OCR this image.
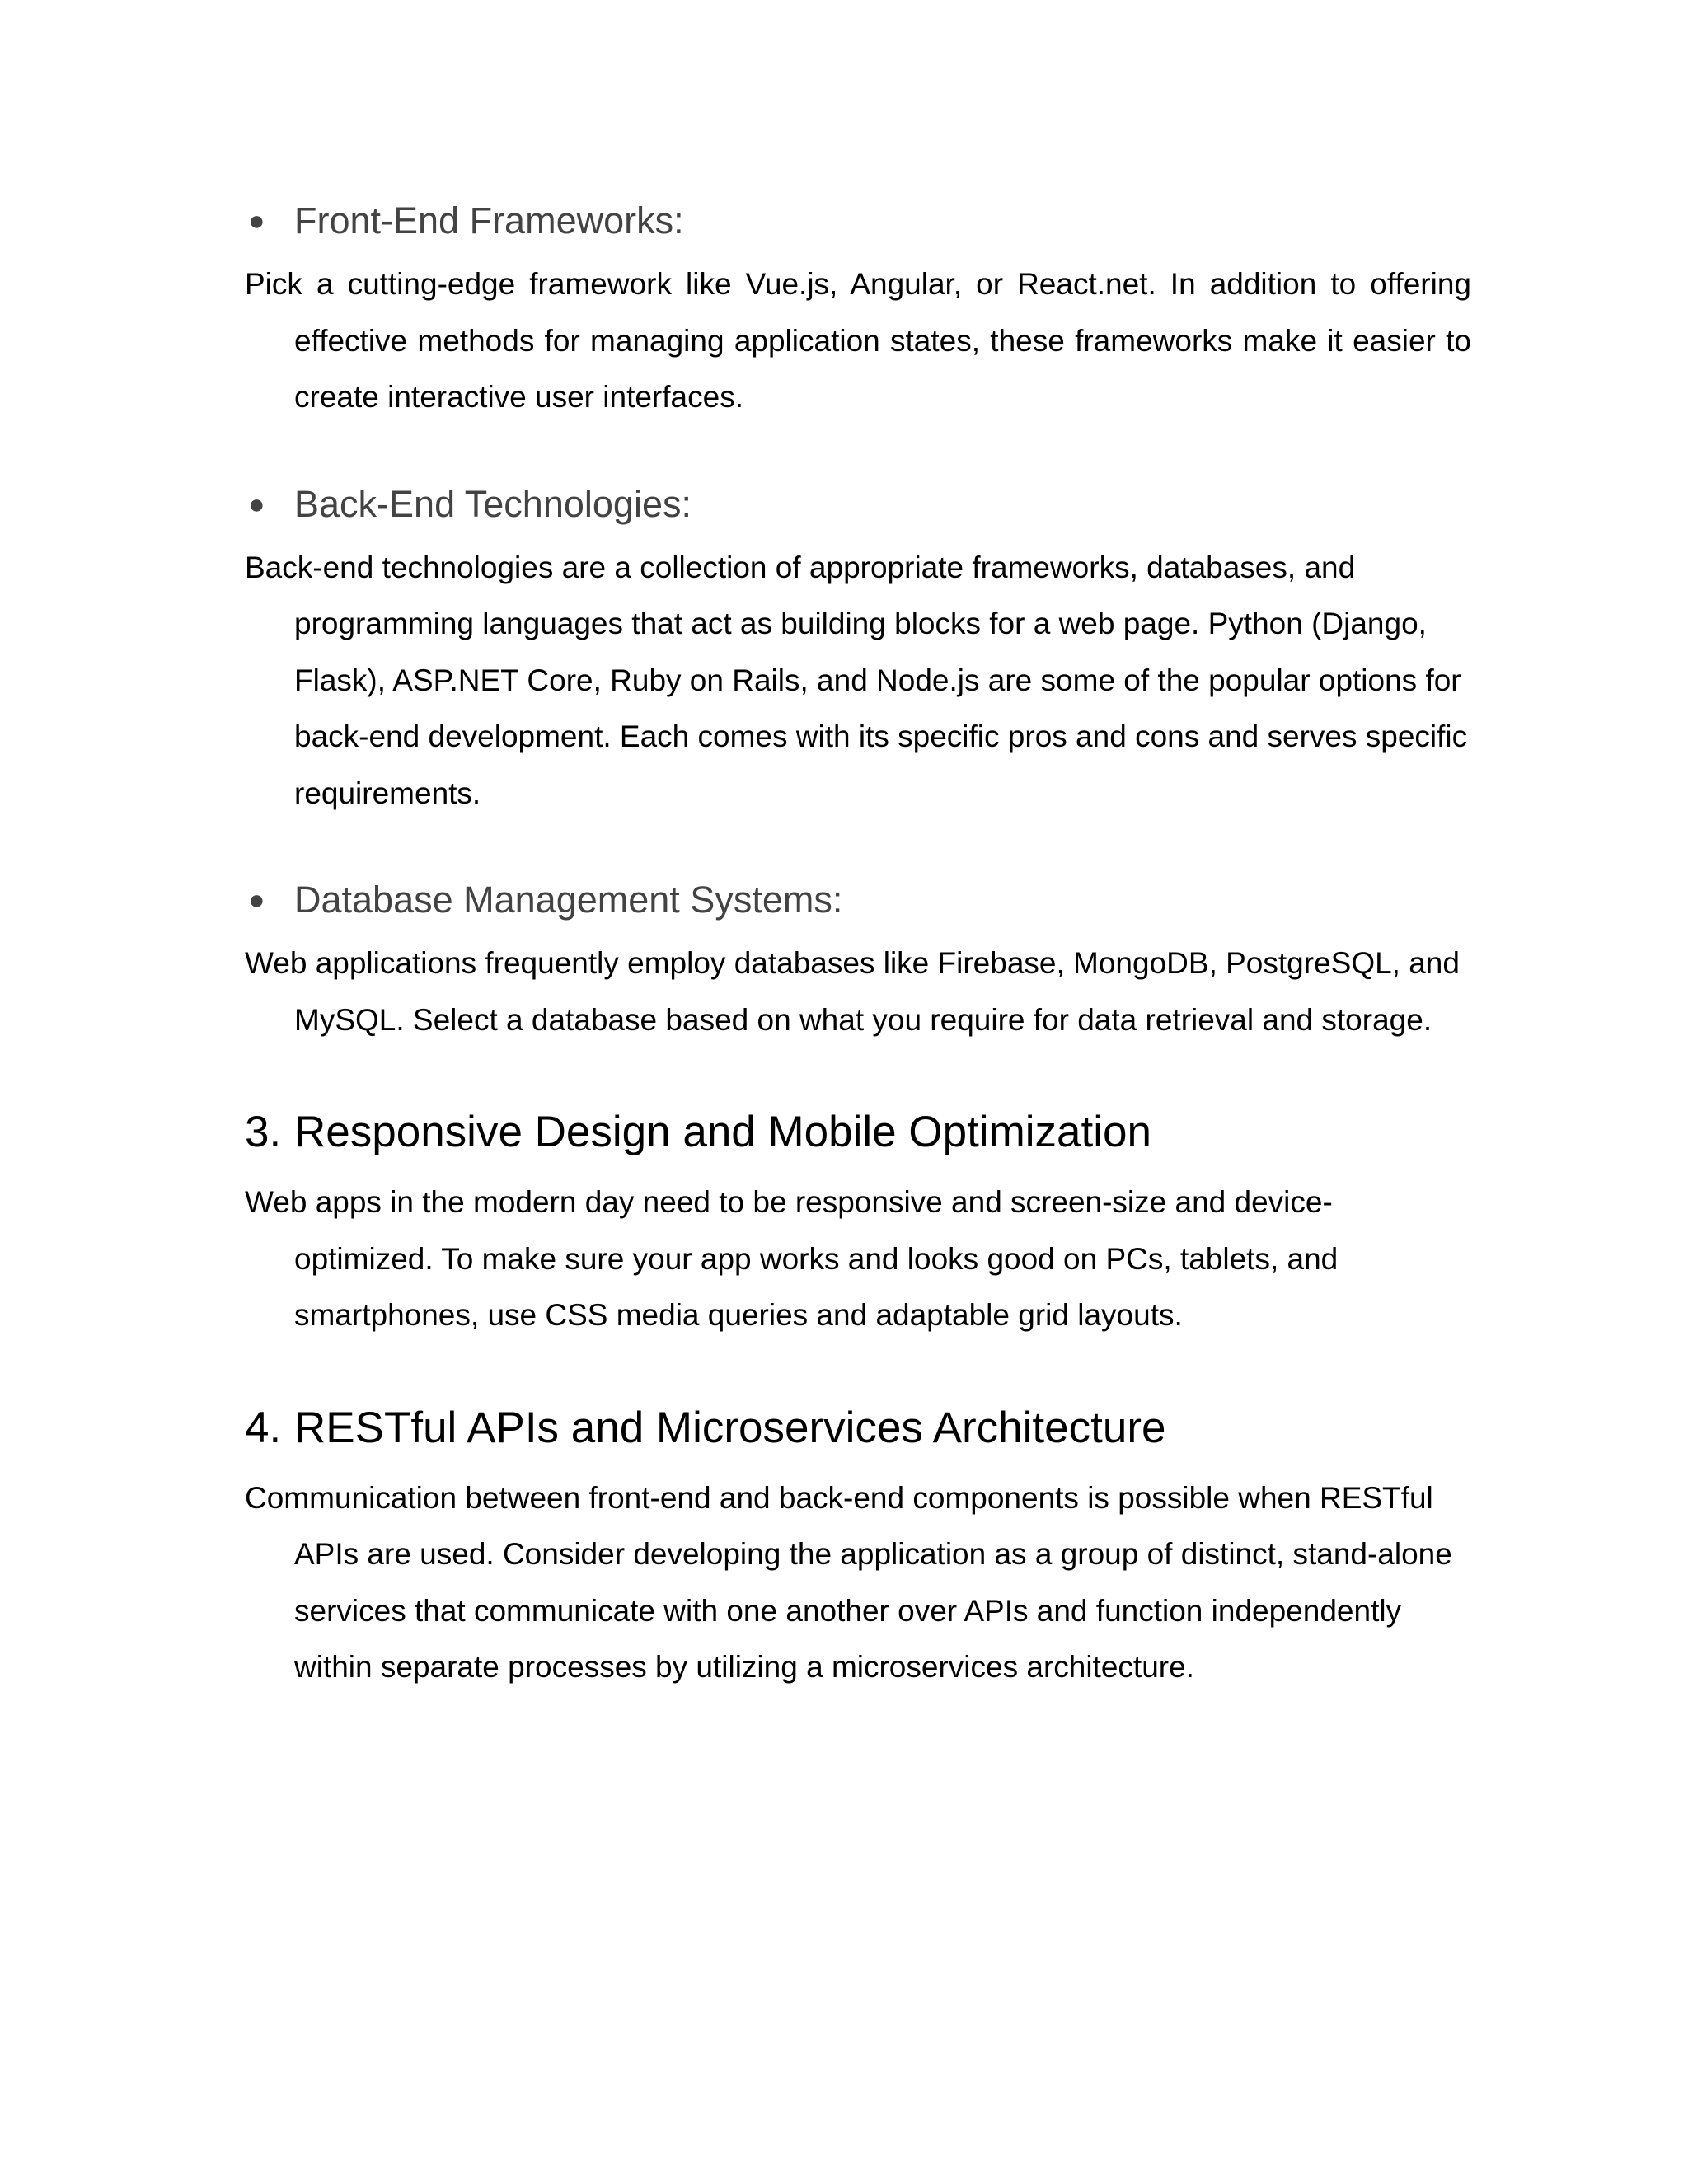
● Front-End Frameworks:

Pick a cutting-edge framework like Vue.js, Angular, or React.net. In addition to offering effective methods for managing application states, these frameworks make it easier to create interactive user interfaces.

● Back-End Technologies:

Back-end technologies are a collection of appropriate frameworks, databases, and programming languages that act as building blocks for a web page. Python (Django, Flask), ASP.NET Core, Ruby on Rails, and Node.js are some of the popular options for back-end development. Each comes with its specific pros and cons and serves specific requirements.

● Database Management Systems:

Web applications frequently employ databases like Firebase, MongoDB, PostgreSQL, and MySQL. Select a database based on what you require for data retrieval and storage.

3. Responsive Design and Mobile Optimization

Web apps in the modern day need to be responsive and screen-size and device-optimized. To make sure your app works and looks good on PCs, tablets, and smartphones, use CSS media queries and adaptable grid layouts.

4. RESTful APIs and Microservices Architecture

Communication between front-end and back-end components is possible when RESTful APIs are used. Consider developing the application as a group of distinct, stand-alone services that communicate with one another over APIs and function independently within separate processes by utilizing a microservices architecture.
